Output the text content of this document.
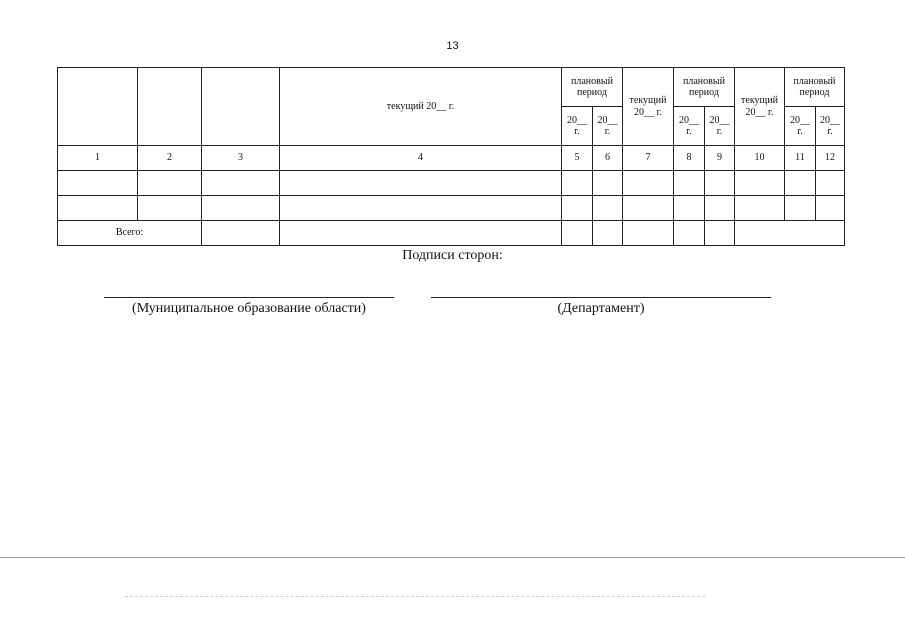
13
			текущий 20__ г.	плановый период		текущий 20__ г.	плановый период		текущий 20__ г.	плановый период	
				20__ г.	20__ г.		20__ г.	20__ г.		20__ г.	20__ г.
1	2	3	4	5	6	7	8	9	10	11	12

Всего:											
Подписи сторон:
(Муниципальное образование области)	(Департамент)
